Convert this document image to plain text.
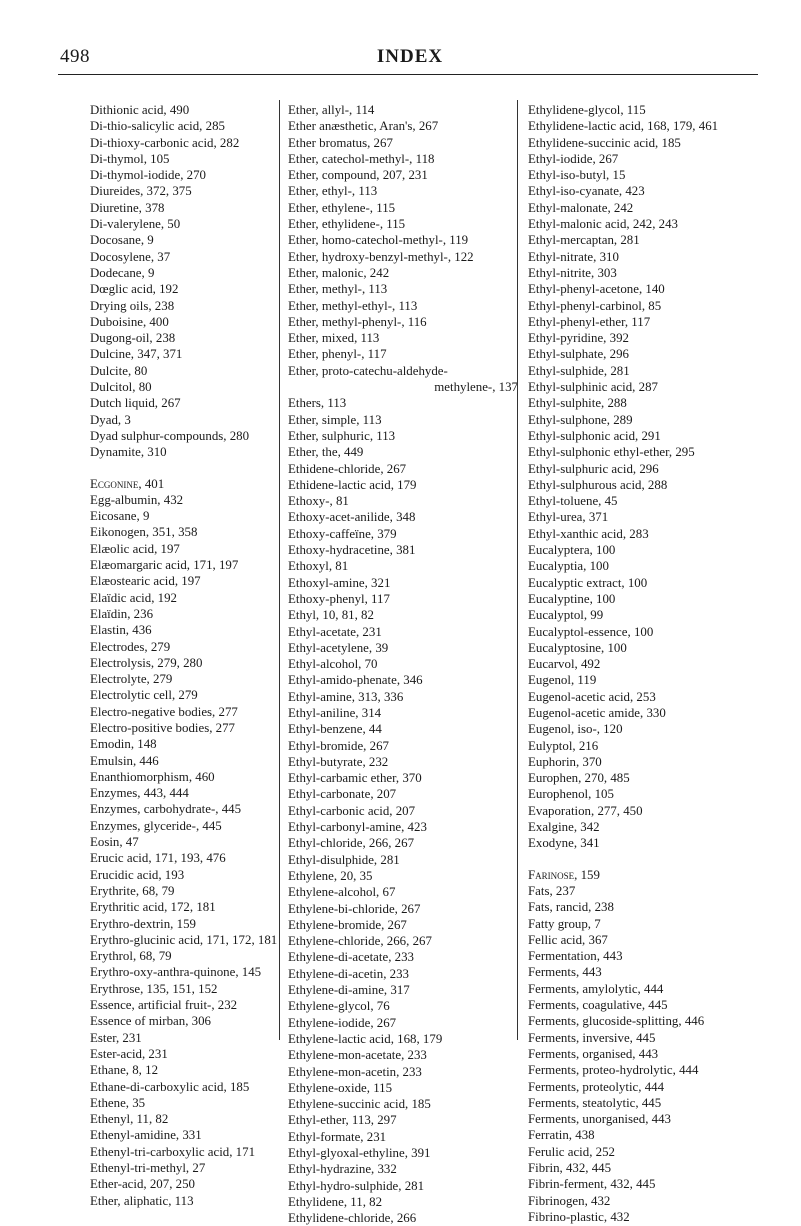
498	INDEX
Dithionic acid, 490
Di-thio-salicylic acid, 285
Di-thioxy-carbonic acid, 282
Di-thymol, 105
Di-thymol-iodide, 270
Diureides, 372, 375
Diuretine, 378
Di-valerylene, 50
Docosane, 9
Docosylene, 37
Dodecane, 9
Dœglic acid, 192
Drying oils, 238
Duboisine, 400
Dugong-oil, 238
Dulcine, 347, 371
Dulcite, 80
Dulcitol, 80
Dutch liquid, 267
Dyad, 3
Dyad sulphur-compounds, 280
Dynamite, 310
Ecgonine, 401
Egg-albumin, 432
Eicosane, 9
Eikonogen, 351, 358
Elæolic acid, 197
Elæomargaric acid, 171, 197
Elæostearic acid, 197
Elaïdic acid, 192
Elaïdin, 236
Elastin, 436
Electrodes, 279
Electrolysis, 279, 280
Electrolyte, 279
Electrolytic cell, 279
Electro-negative bodies, 277
Electro-positive bodies, 277
Emodin, 148
Emulsin, 446
Enanthiomorphism, 460
Enzymes, 443, 444
Enzymes, carbohydrate-, 445
Enzymes, glyceride-, 445
Eosin, 47
Erucic acid, 171, 193, 476
Erucidic acid, 193
Erythrite, 68, 79
Erythritic acid, 172, 181
Erythro-dextrin, 159
Erythro-glucinic acid, 171, 172, 181
Erythrol, 68, 79
Erythro-oxy-anthra-quinone, 145
Erythrose, 135, 151, 152
Essence, artificial fruit-, 232
Essence of mirban, 306
Ester, 231
Ester-acid, 231
Ethane, 8, 12
Ethane-di-carboxylic acid, 185
Ethene, 35
Ethenyl, 11, 82
Ethenyl-amidine, 331
Ethenyl-tri-carboxylic acid, 171
Ethenyl-tri-methyl, 27
Ether-acid, 207, 250
Ether, aliphatic, 113
Ether, allyl-, 114
Ether anæsthetic, Aran's, 267
Ether bromatus, 267
Ether, catechol-methyl-, 118
Ether, compound, 207, 231
Ether, ethyl-, 113
Ether, ethylene-, 115
Ether, ethylidene-, 115
Ether, homo-catechol-methyl-, 119
Ether, hydroxy-benzyl-methyl-, 122
Ether, malonic, 242
Ether, methyl-, 113
Ether, methyl-ethyl-, 113
Ether, methyl-phenyl-, 116
Ether, mixed, 113
Ether, phenyl-, 117
Ether, proto-catechu-aldehyde-
methylene-, 137
Ethers, 113
Ether, simple, 113
Ether, sulphuric, 113
Ether, the, 449
Ethidene-chloride, 267
Ethidene-lactic acid, 179
Ethoxy-, 81
Ethoxy-acet-anilide, 348
Ethoxy-caffeïne, 379
Ethoxy-hydracetine, 381
Ethoxyl, 81
Ethoxyl-amine, 321
Ethoxy-phenyl, 117
Ethyl, 10, 81, 82
Ethyl-acetate, 231
Ethyl-acetylene, 39
Ethyl-alcohol, 70
Ethyl-amido-phenate, 346
Ethyl-amine, 313, 336
Ethyl-aniline, 314
Ethyl-benzene, 44
Ethyl-bromide, 267
Ethyl-butyrate, 232
Ethyl-carbamic ether, 370
Ethyl-carbonate, 207
Ethyl-carbonic acid, 207
Ethyl-carbonyl-amine, 423
Ethyl-chloride, 266, 267
Ethyl-disulphide, 281
Ethylene, 20, 35
Ethylene-alcohol, 67
Ethylene-bi-chloride, 267
Ethylene-bromide, 267
Ethylene-chloride, 266, 267
Ethylene-di-acetate, 233
Ethylene-di-acetin, 233
Ethylene-di-amine, 317
Ethylene-glycol, 76
Ethylene-iodide, 267
Ethylene-lactic acid, 168, 179
Ethylene-mon-acetate, 233
Ethylene-mon-acetin, 233
Ethylene-oxide, 115
Ethylene-succinic acid, 185
Ethyl-ether, 113, 297
Ethyl-formate, 231
Ethyl-glyoxal-ethyline, 391
Ethyl-hydrazine, 332
Ethyl-hydro-sulphide, 281
Ethylidene, 11, 82
Ethylidene-chloride, 266
Ethylidene-glycol, 115
Ethylidene-lactic acid, 168, 179, 461
Ethylidene-succinic acid, 185
Ethyl-iodide, 267
Ethyl-iso-butyl, 15
Ethyl-iso-cyanate, 423
Ethyl-malonate, 242
Ethyl-malonic acid, 242, 243
Ethyl-mercaptan, 281
Ethyl-nitrate, 310
Ethyl-nitrite, 303
Ethyl-phenyl-acetone, 140
Ethyl-phenyl-carbinol, 85
Ethyl-phenyl-ether, 117
Ethyl-pyridine, 392
Ethyl-sulphate, 296
Ethyl-sulphide, 281
Ethyl-sulphinic acid, 287
Ethyl-sulphite, 288
Ethyl-sulphone, 289
Ethyl-sulphonic acid, 291
Ethyl-sulphonic ethyl-ether, 295
Ethyl-sulphuric acid, 296
Ethyl-sulphurous acid, 288
Ethyl-toluene, 45
Ethyl-urea, 371
Ethyl-xanthic acid, 283
Eucalyptera, 100
Eucalyptia, 100
Eucalyptic extract, 100
Eucalyptine, 100
Eucalyptol, 99
Eucalyptol-essence, 100
Eucalyptosine, 100
Eucarvol, 492
Eugenol, 119
Eugenol-acetic acid, 253
Eugenol-acetic amide, 330
Eugenol, iso-, 120
Eulyptol, 216
Euphorin, 370
Europhen, 270, 485
Europhenol, 105
Evaporation, 277, 450
Exalgine, 342
Exodyne, 341
Farinose, 159
Fats, 237
Fats, rancid, 238
Fatty group, 7
Fellic acid, 367
Fermentation, 443
Ferments, 443
Ferments, amylolytic, 444
Ferments, coagulative, 445
Ferments, glucoside-splitting, 446
Ferments, inversive, 445
Ferments, organised, 443
Ferments, proteo-hydrolytic, 444
Ferments, proteolytic, 444
Ferments, steatolytic, 445
Ferments, unorganised, 443
Ferratin, 438
Ferulic acid, 252
Fibrin, 432, 445
Fibrin-ferment, 432, 445
Fibrinogen, 432
Fibrino-plastic, 432
